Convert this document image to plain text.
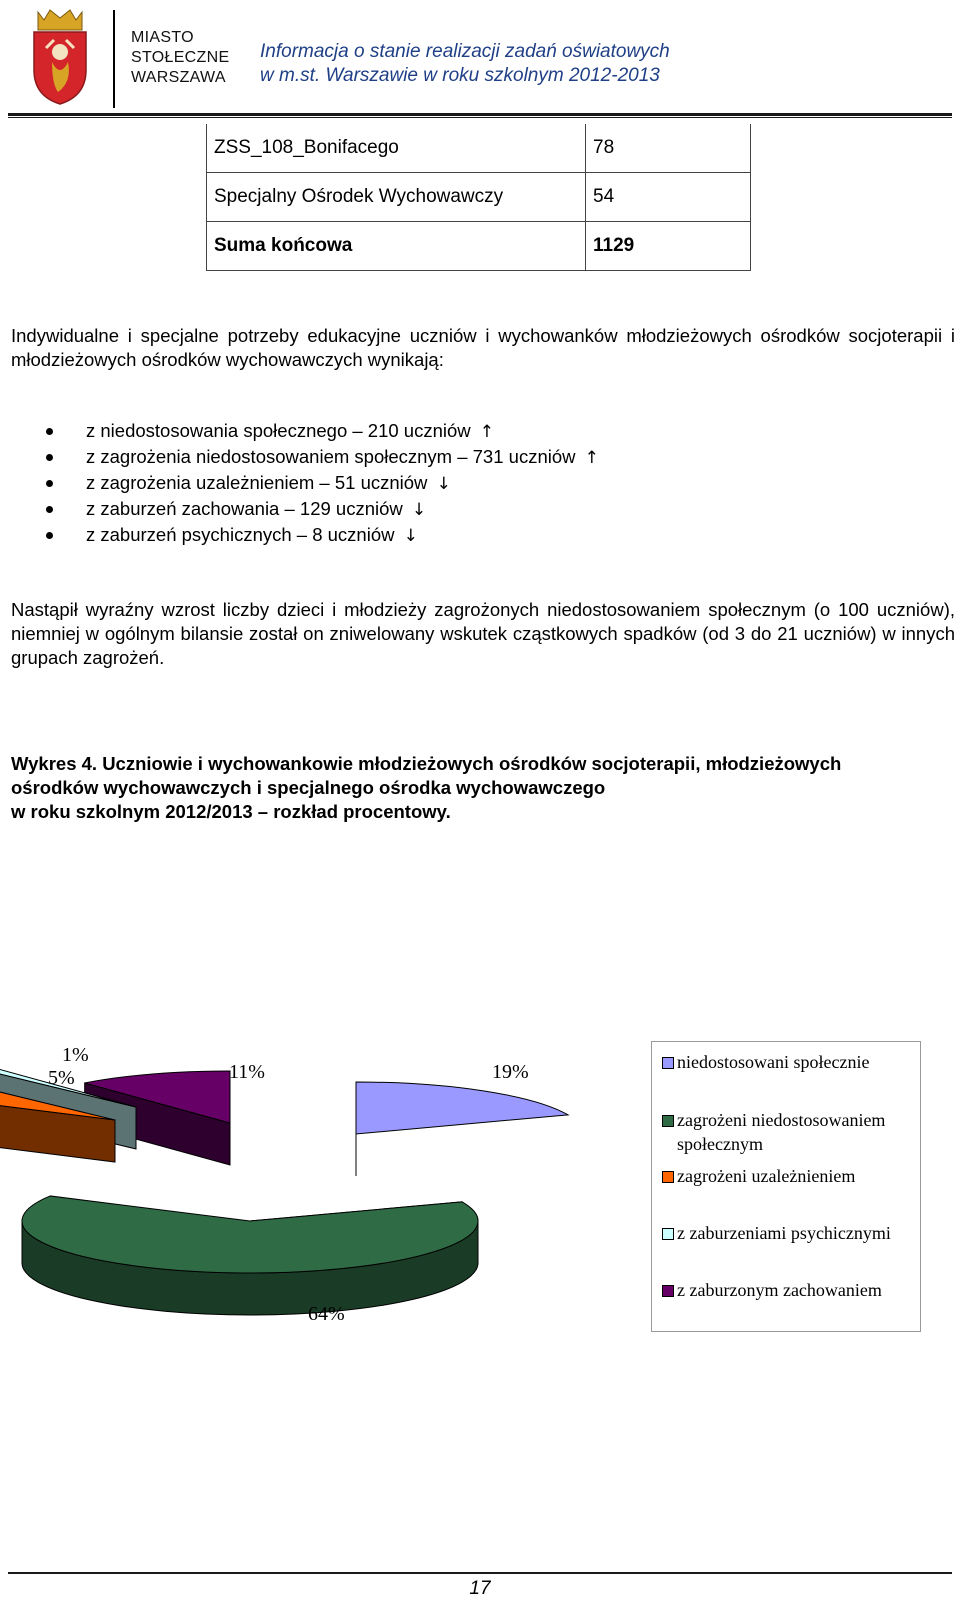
MIASTO
STOŁECZNE
WARSZAWA
Informacja o stanie realizacji zadań oświatowych
w m.st. Warszawie w roku szkolnym 2012-2013
ZSS_108_Bonifacego	78
Specjalny Ośrodek Wychowawczy	54
Suma końcowa	1129
Indywidualne i specjalne potrzeby edukacyjne uczniów i wychowanków młodzieżowych ośrodków socjoterapii i młodzieżowych ośrodków wychowawczych wynikają:
z niedostosowania społecznego – 210 uczniów ↑
z zagrożenia niedostosowaniem społecznym – 731 uczniów ↑
z zagrożenia uzależnieniem – 51 uczniów ↓
z zaburzeń zachowania – 129 uczniów ↓
z zaburzeń psychicznych – 8 uczniów ↓
Nastąpił wyraźny wzrost liczby dzieci i młodzieży zagrożonych niedostosowaniem społecznym (o 100 uczniów), niemniej w ogólnym bilansie został on zniwelowany wskutek cząstkowych spadków (od 3 do 21 uczniów) w innych grupach zagrożeń.
Wykres 4. Uczniowie i wychowankowie młodzieżowych ośrodków socjoterapii, młodzieżowych
ośrodków wychowawczych i specjalnego ośrodka wychowawczego
w roku szkolnym 2012/2013 – rozkład procentowy.
19%
64%
5%
1%
11%	niedostosowani społecznie
zagrożeni niedostosowaniem społecznym
zagrożeni uzależnieniem
z zaburzeniami psychicznymi
z zaburzonym zachowaniem
17
